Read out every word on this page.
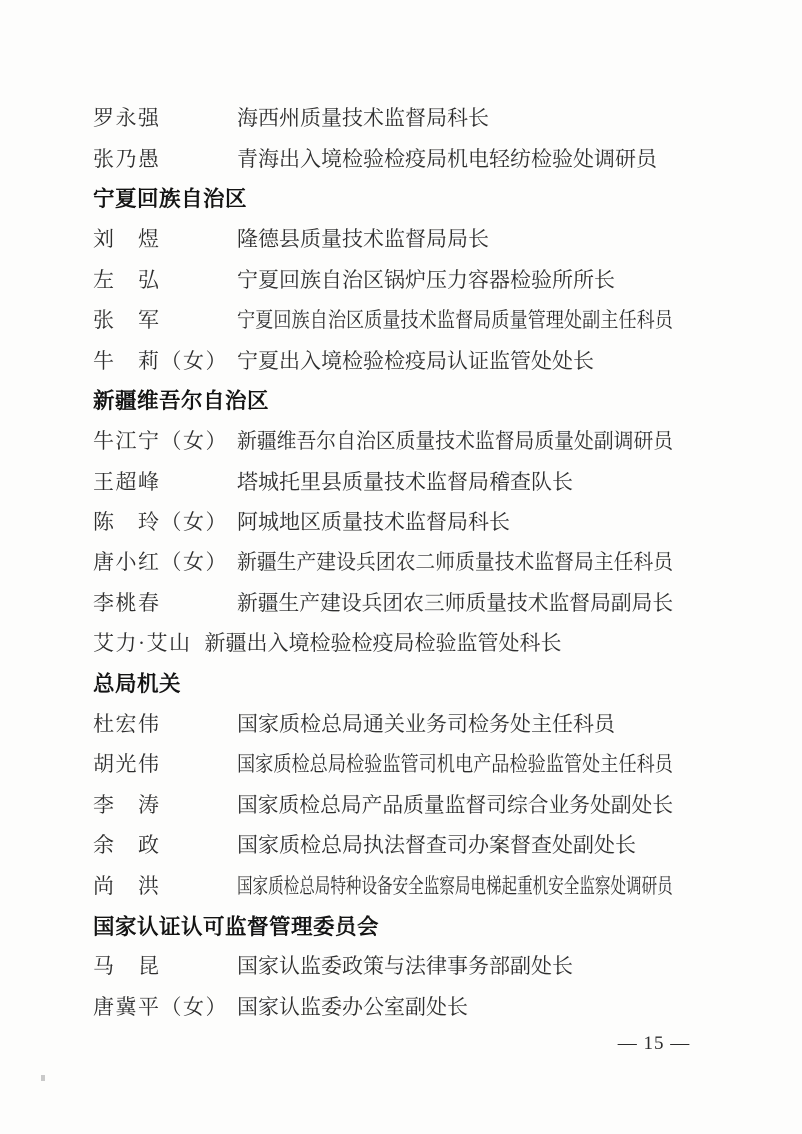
罗永强	海西州质量技术监督局科长
张乃愚	青海出入境检验检疫局机电轻纺检验处调研员
宁夏回族自治区
刘　煜	隆德县质量技术监督局局长
左　弘	宁夏回族自治区锅炉压力容器检验所所长
张　军	宁夏回族自治区质量技术监督局质量管理处副主任科员
牛　莉（女） 宁夏出入境检验检疫局认证监管处处长
新疆维吾尔自治区
牛江宁（女） 新疆维吾尔自治区质量技术监督局质量处副调研员
王超峰	塔城托里县质量技术监督局稽查队长
陈　玲（女） 阿城地区质量技术监督局科长
唐小红（女） 新疆生产建设兵团农二师质量技术监督局主任科员
李桃春	新疆生产建设兵团农三师质量技术监督局副局长
艾力·艾山 新疆出入境检验检疫局检验监管处科长
总局机关
杜宏伟	国家质检总局通关业务司检务处主任科员
胡光伟	国家质检总局检验监管司机电产品检验监管处主任科员
李　涛	国家质检总局产品质量监督司综合业务处副处长
余　政	国家质检总局执法督查司办案督查处副处长
尚　洪	国家质检总局特种设备安全监察局电梯起重机安全监察处调研员
国家认证认可监督管理委员会
马　昆	国家认监委政策与法律事务部副处长
唐冀平（女） 国家认监委办公室副处长
— 15 —
